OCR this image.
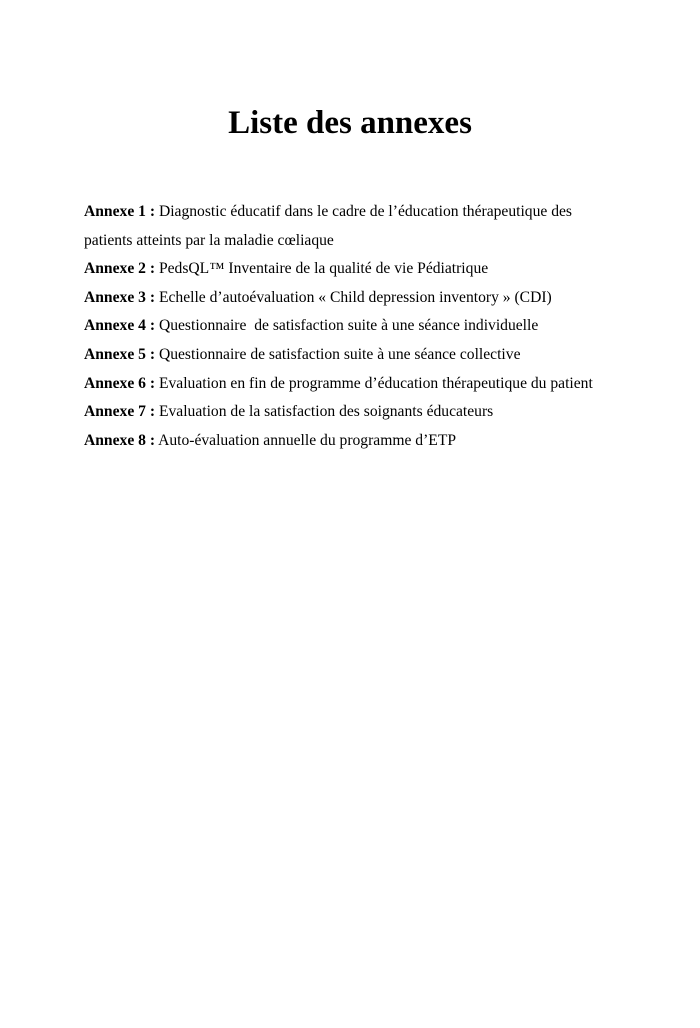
Liste des annexes
Annexe 1 : Diagnostic éducatif dans le cadre de l’éducation thérapeutique des patients atteints par la maladie cœliaque
Annexe 2 : PedsQL™ Inventaire de la qualité de vie Pédiatrique
Annexe 3 : Echelle d’autoévaluation « Child depression inventory » (CDI)
Annexe 4 : Questionnaire  de satisfaction suite à une séance individuelle
Annexe 5 : Questionnaire de satisfaction suite à une séance collective
Annexe 6 : Evaluation en fin de programme d’éducation thérapeutique du patient
Annexe 7 : Evaluation de la satisfaction des soignants éducateurs
Annexe 8 : Auto-évaluation annuelle du programme d’ETP
